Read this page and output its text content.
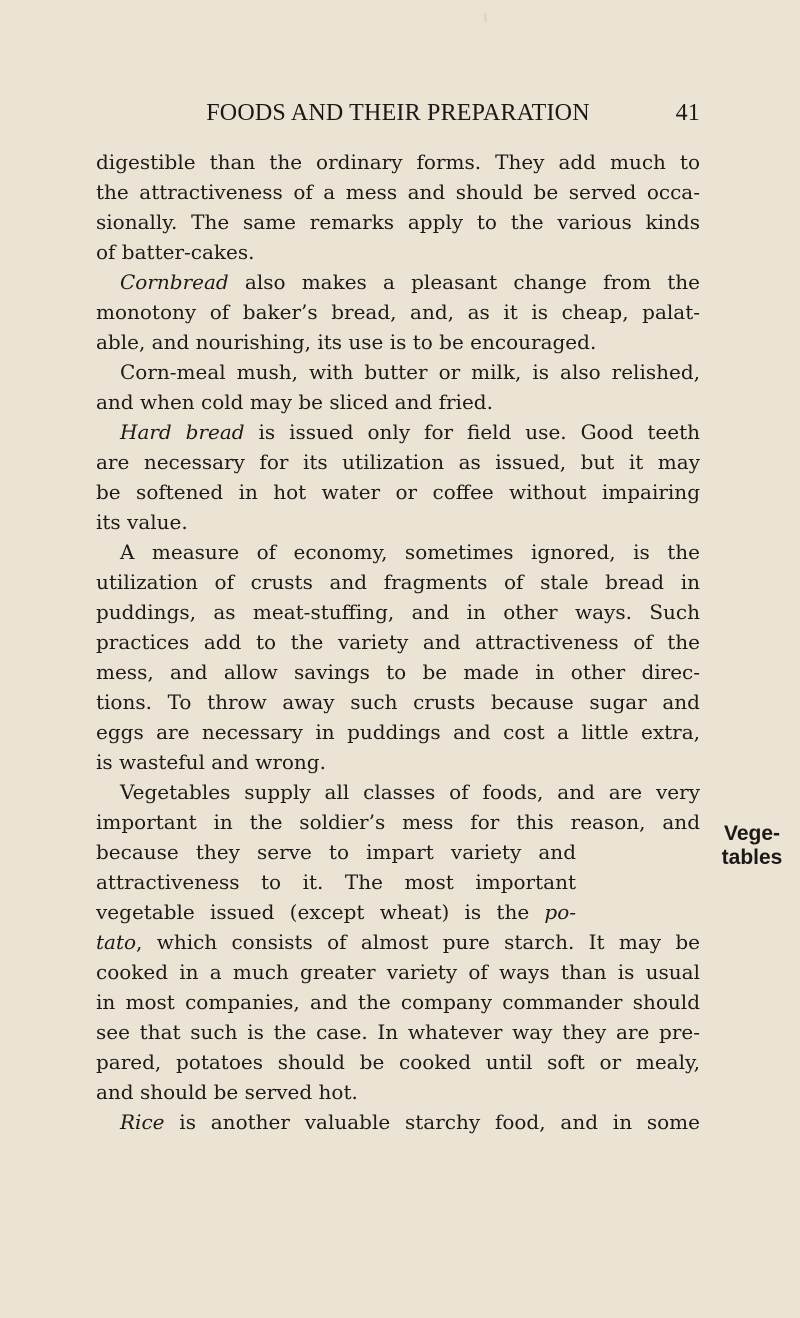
FOODS AND THEIR PREPARATION	41
digestible than the ordinary forms. They add much to
the attractiveness of a mess and should be served occa-
sionally. The same remarks apply to the various kinds
of batter-cakes.
Cornbread also makes a pleasant change from the
monotony of baker’s bread, and, as it is cheap, palat-
able, and nourishing, its use is to be encouraged.
Corn-meal mush, with butter or milk, is also relished,
and when cold may be sliced and fried.
Hard bread is issued only for field use. Good teeth
are necessary for its utilization as issued, but it may
be softened in hot water or coffee without impairing
its value.
A measure of economy, sometimes ignored, is the
utilization of crusts and fragments of stale bread in
puddings, as meat-stuffing, and in other ways. Such
practices add to the variety and attractiveness of the
mess, and allow savings to be made in other direc-
tions. To throw away such crusts because sugar and
eggs are necessary in puddings and cost a little extra,
is wasteful and wrong.
Vegetables supply all classes of foods, and are very
important in the soldier’s mess for this reason, and
because they serve to impart variety and
attractiveness to it. The most important
vegetable issued (except wheat) is the po-
tato, which consists of almost pure starch. It may be
cooked in a much greater variety of ways than is usual
in most companies, and the company commander should
see that such is the case. In whatever way they are pre-
pared, potatoes should be cooked until soft or mealy,
and should be served hot.
Rice is another valuable starchy food, and in some
Vege-
tables
